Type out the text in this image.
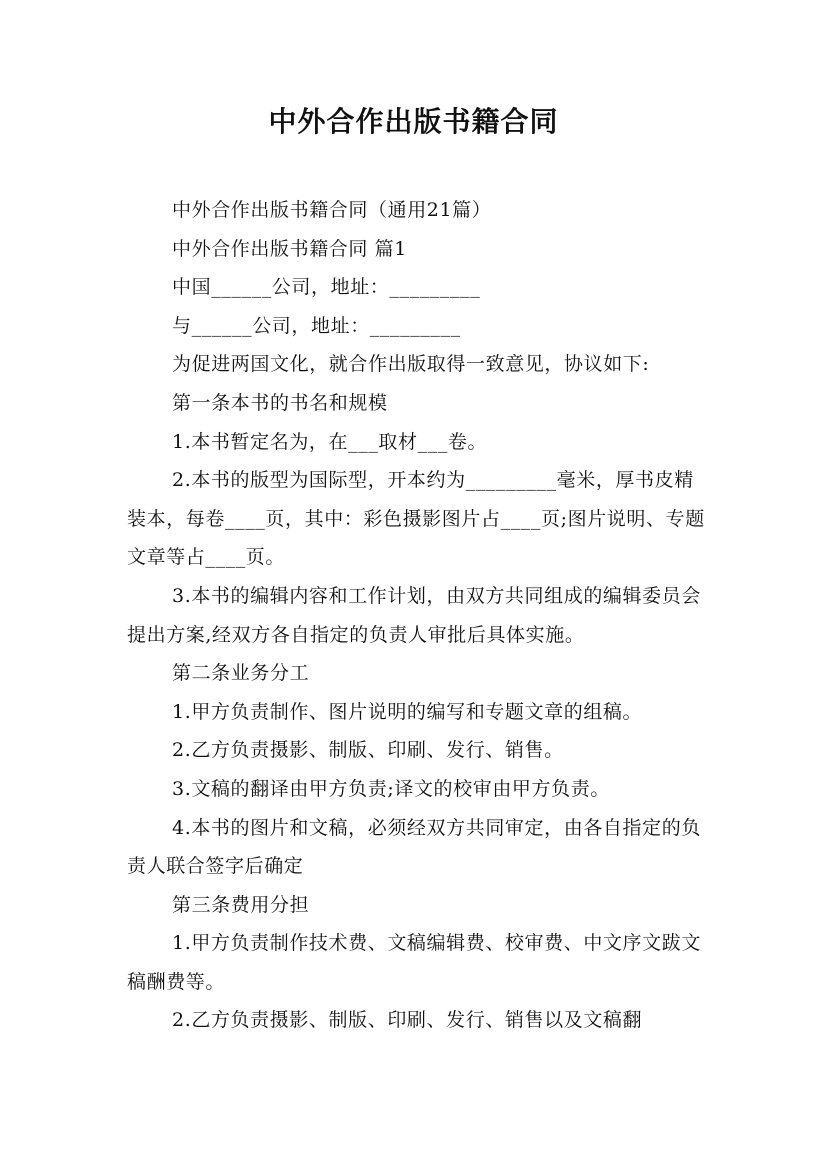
中外合作出版书籍合同

中外合作出版书籍合同（通用21篇）

中外合作出版书籍合同 篇1

中国______公司，地址：_________

与______公司，地址：_________

为促进两国文化，就合作出版取得一致意见，协议如下:

第一条本书的书名和规模

1.本书暂定名为，在___取材___卷。

2.本书的版型为国际型，开本约为_________毫米，厚书皮精装本，每卷____页，其中：彩色摄影图片占____页;图片说明、专题文章等占____页。

3.本书的编辑内容和工作计划，由双方共同组成的编辑委员会提出方案,经双方各自指定的负责人审批后具体实施。

第二条业务分工

1.甲方负责制作、图片说明的编写和专题文章的组稿。

2.乙方负责摄影、制版、印刷、发行、销售。

3.文稿的翻译由甲方负责;译文的校审由甲方负责。

4.本书的图片和文稿，必须经双方共同审定，由各自指定的负责人联合签字后确定

第三条费用分担

1.甲方负责制作技术费、文稿编辑费、校审费、中文序文跋文稿酬费等。

2.乙方负责摄影、制版、印刷、发行、销售以及文稿翻
